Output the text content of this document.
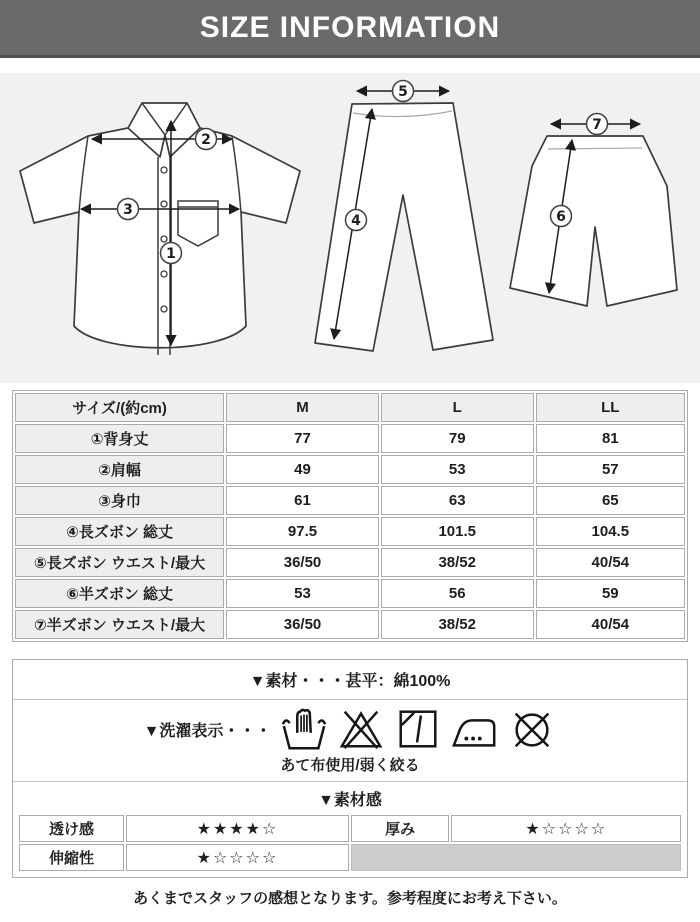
SIZE INFORMATION
2
3
1
5
4
7
6
サイズ/(約cm)	M	L	LL
①背身丈	77	79	81
②肩幅	49	53	57
③身巾	61	63	65
④長ズボン 総丈	97.5	101.5	104.5
⑤長ズボン ウエスト/最大	36/50	38/52	40/54
⑥半ズボン 総丈	53	56	59
⑦半ズボン ウエスト/最大	36/50	38/52	40/54
▼素材・・・甚平：綿100%
▼洗濯表示・・・
あて布使用/弱く絞る
▼素材感
透け感	★★★★☆	厚み	★☆☆☆☆
伸縮性	★☆☆☆☆		

あくまでスタッフの感想となります。参考程度にお考え下さい。
